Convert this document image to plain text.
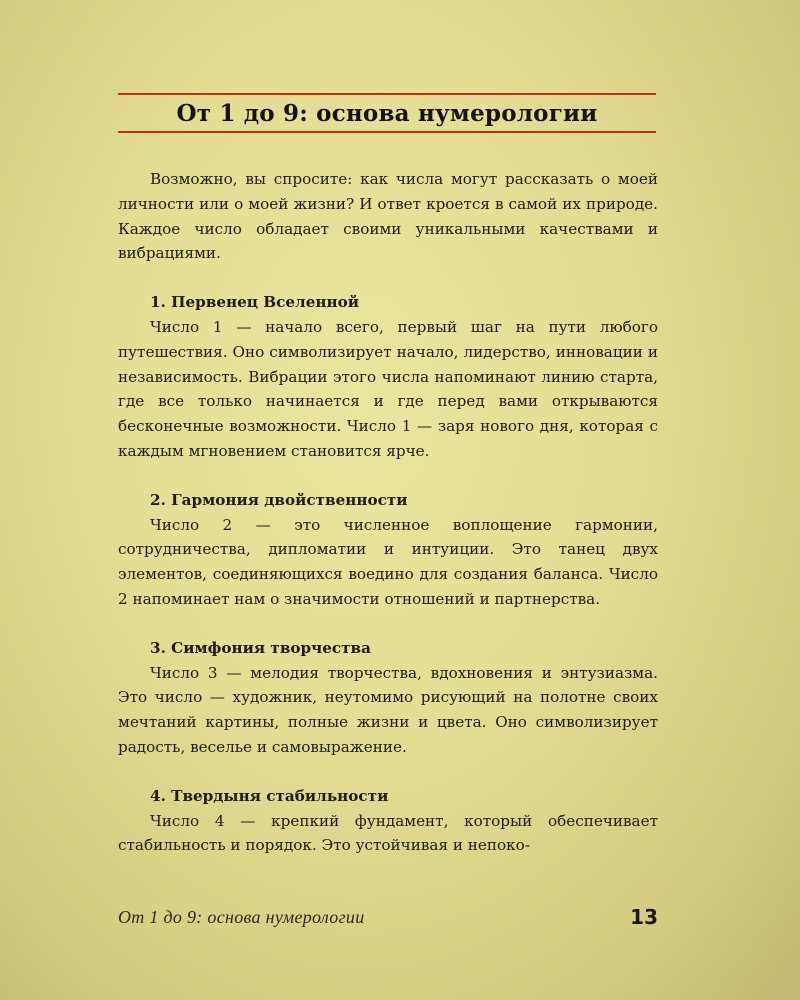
От 1 до 9: основа нумерологии

Возможно, вы спросите: как числа могут рассказать о моей личности или о моей жизни? И ответ кроется в самой их природе. Каждое число обладает своими уникальными качествами и вибрациями.

1. Первенец Вселенной

Число 1 — начало всего, первый шаг на пути любого путешествия. Оно символизирует начало, лидерство, инновации и независимость. Вибрации этого числа напоминают линию старта, где все только начинается и где перед вами открываются бесконечные возможности. Число 1 — заря нового дня, которая с каждым мгновением становится ярче.

2. Гармония двойственности

Число 2 — это численное воплощение гармонии, сотрудничества, дипломатии и интуиции. Это танец двух элементов, соединяющихся воедино для создания баланса. Число 2 напоминает нам о значимости отношений и партнерства.

3. Симфония творчества

Число 3 — мелодия творчества, вдохновения и энтузиазма. Это число — художник, неутомимо рисующий на полотне своих мечтаний картины, полные жизни и цвета. Оно символизирует радость, веселье и самовыражение.

4. Твердыня стабильности

Число 4 — крепкий фундамент, который обеспечивает стабильность и порядок. Это устойчивая и непоко-

От 1 до 9: основа нумерологии	13
